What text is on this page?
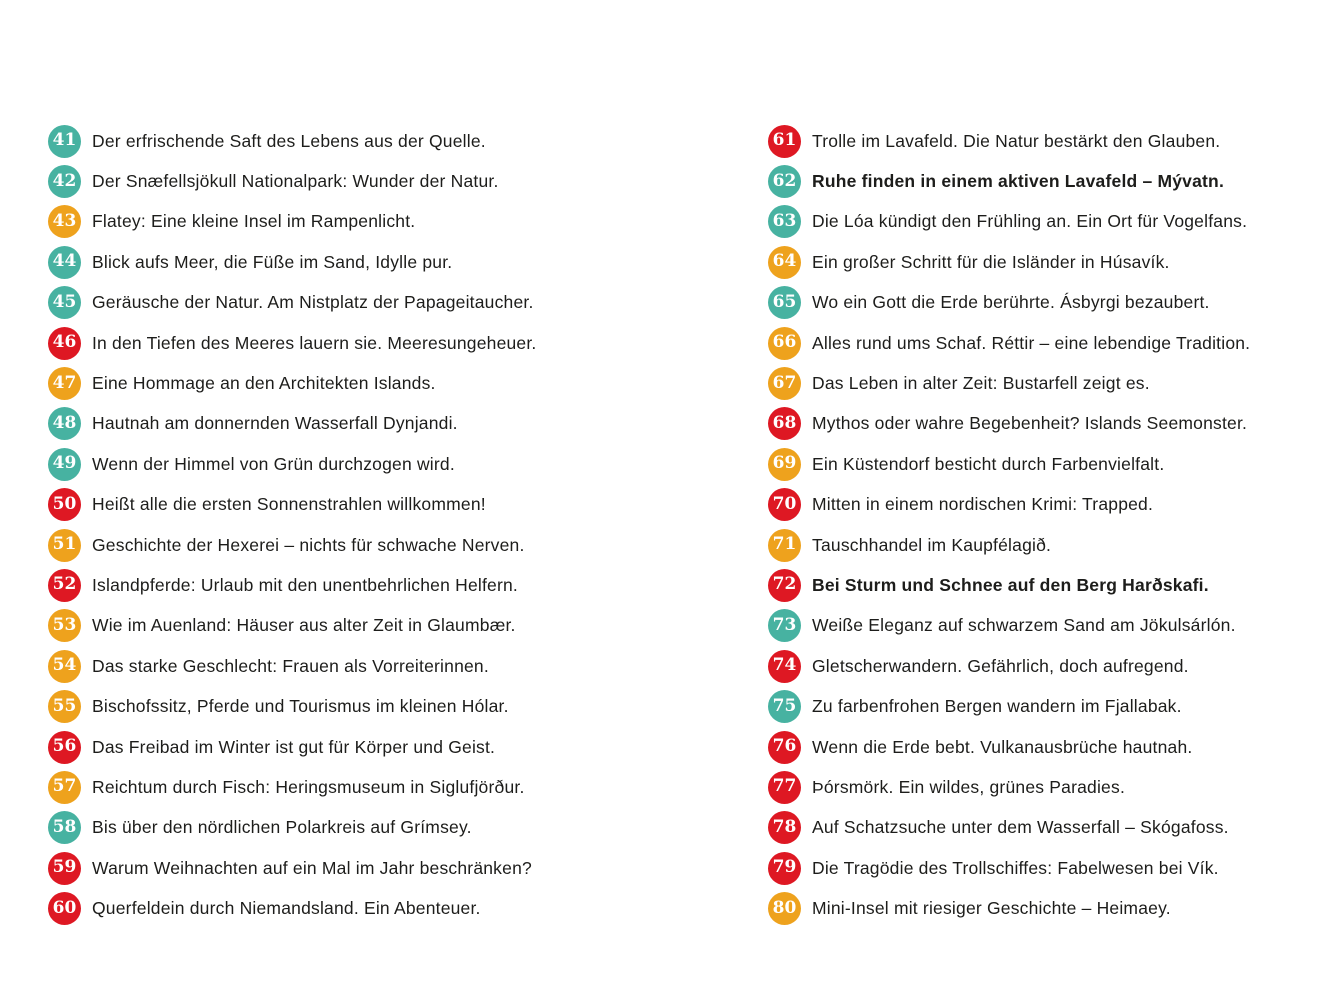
41 Der erfrischende Saft des Lebens aus der Quelle.
42 Der Snæfellsjökull Nationalpark: Wunder der Natur.
43 Flatey: Eine kleine Insel im Rampenlicht.
44 Blick aufs Meer, die Füße im Sand, Idylle pur.
45 Geräusche der Natur. Am Nistplatz der Papageitaucher.
46 In den Tiefen des Meeres lauern sie. Meeresungeheuer.
47 Eine Hommage an den Architekten Islands.
48 Hautnah am donnernden Wasserfall Dynjandi.
49 Wenn der Himmel von Grün durchzogen wird.
50 Heißt alle die ersten Sonnenstrahlen willkommen!
51 Geschichte der Hexerei – nichts für schwache Nerven.
52 Islandpferde: Urlaub mit den unentbehrlichen Helfern.
53 Wie im Auenland: Häuser aus alter Zeit in Glaumbær.
54 Das starke Geschlecht: Frauen als Vorreiterinnen.
55 Bischofssitz, Pferde und Tourismus im kleinen Hólar.
56 Das Freibad im Winter ist gut für Körper und Geist.
57 Reichtum durch Fisch: Heringsmuseum in Siglufjörður.
58 Bis über den nördlichen Polarkreis auf Grímsey.
59 Warum Weihnachten auf ein Mal im Jahr beschränken?
60 Querfeldein durch Niemandsland. Ein Abenteuer.
61 Trolle im Lavafeld. Die Natur bestärkt den Glauben.
62 Ruhe finden in einem aktiven Lavafeld – Mývatn.
63 Die Lóa kündigt den Frühling an. Ein Ort für Vogelfans.
64 Ein großer Schritt für die Isländer in Húsavík.
65 Wo ein Gott die Erde berührte. Ásbyrgi bezaubert.
66 Alles rund ums Schaf. Réttir – eine lebendige Tradition.
67 Das Leben in alter Zeit: Bustarfell zeigt es.
68 Mythos oder wahre Begebenheit? Islands Seemonster.
69 Ein Küstendorf besticht durch Farbenvielfalt.
70 Mitten in einem nordischen Krimi: Trapped.
71 Tauschhandel im Kaupfélagið.
72 Bei Sturm und Schnee auf den Berg Harðskafi.
73 Weiße Eleganz auf schwarzem Sand am Jökulsárlón.
74 Gletscherwandern. Gefährlich, doch aufregend.
75 Zu farbenfrohen Bergen wandern im Fjallabak.
76 Wenn die Erde bebt. Vulkanausbrüche hautnah.
77 Þórsmörk. Ein wildes, grünes Paradies.
78 Auf Schatzsuche unter dem Wasserfall – Skógafoss.
79 Die Tragödie des Trollschiffes: Fabelwesen bei Vík.
80 Mini-Insel mit riesiger Geschichte – Heimaey.
